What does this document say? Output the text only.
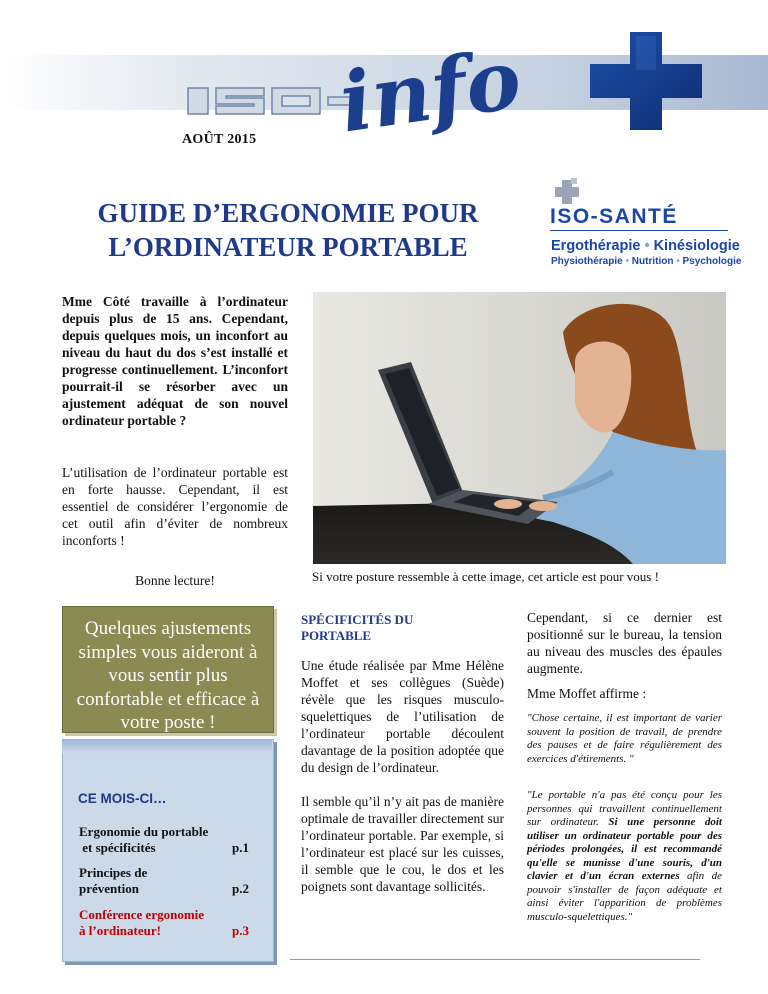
info
AOÛT 2015
GUIDE D’ERGONOMIE POUR
L’ORDINATEUR PORTABLE
ISO-SANTÉ
Ergothérapie • Kinésiologie
Physiothérapie • Nutrition • Psychologie
Mme Côté travaille à l’ordinateur depuis plus de 15 ans. Cependant, depuis quelques mois, un inconfort au niveau du haut du dos s’est installé et progresse continuellement. L’inconfort pourrait-il se résorber avec un ajustement adéquat de son nouvel ordinateur portable ?
L’utilisation de l’ordinateur portable est en forte hausse. Cependant, il est essentiel de considérer l’ergonomie de cet outil afin d’éviter de nombreux inconforts !
Bonne lecture!	Si votre posture ressemble à cette image, cet article est pour vous !
Quelques ajustements simples vous aideront à vous sentir plus confortable et efficace à votre poste !
CE MOIS-CI…
Ergonomie du portable
et spécificités	p.1
Principes de
prévention	p.2
Conférence ergonomie
à l’ordinateur!	p.3
SPÉCIFICITÉS DU
PORTABLE
Une étude réalisée par Mme Hélène Moffet et ses collègues (Suède) révèle que les risques musculo-squelettiques de l’utilisation de l’ordinateur portable découlent davantage de la position adoptée que du design de l’ordinateur.
Il semble qu’il n’y ait pas de manière optimale de travailler directement sur l’ordinateur portable. Par exemple, si l’ordinateur est placé sur les cuisses, il semble que le cou, le dos et les poignets sont davantage sollicités.
Cependant, si ce dernier est positionné sur le bureau, la tension au niveau des muscles des épaules augmente.
Mme Moffet affirme :
"Chose certaine, il est important de varier souvent la position de travail, de prendre des pauses et de faire régulièrement des exercices d'étirements. "
"Le portable n'a pas été conçu pour les personnes qui travaillent continuellement sur ordinateur. Si une personne doit utiliser un ordinateur portable pour des périodes prolongées, il est recommandé qu'elle se munisse d'une souris, d'un clavier et d'un écran externes afin de pouvoir s'installer de façon adéquate et ainsi éviter l'apparition de problèmes musculo-squelettiques."
